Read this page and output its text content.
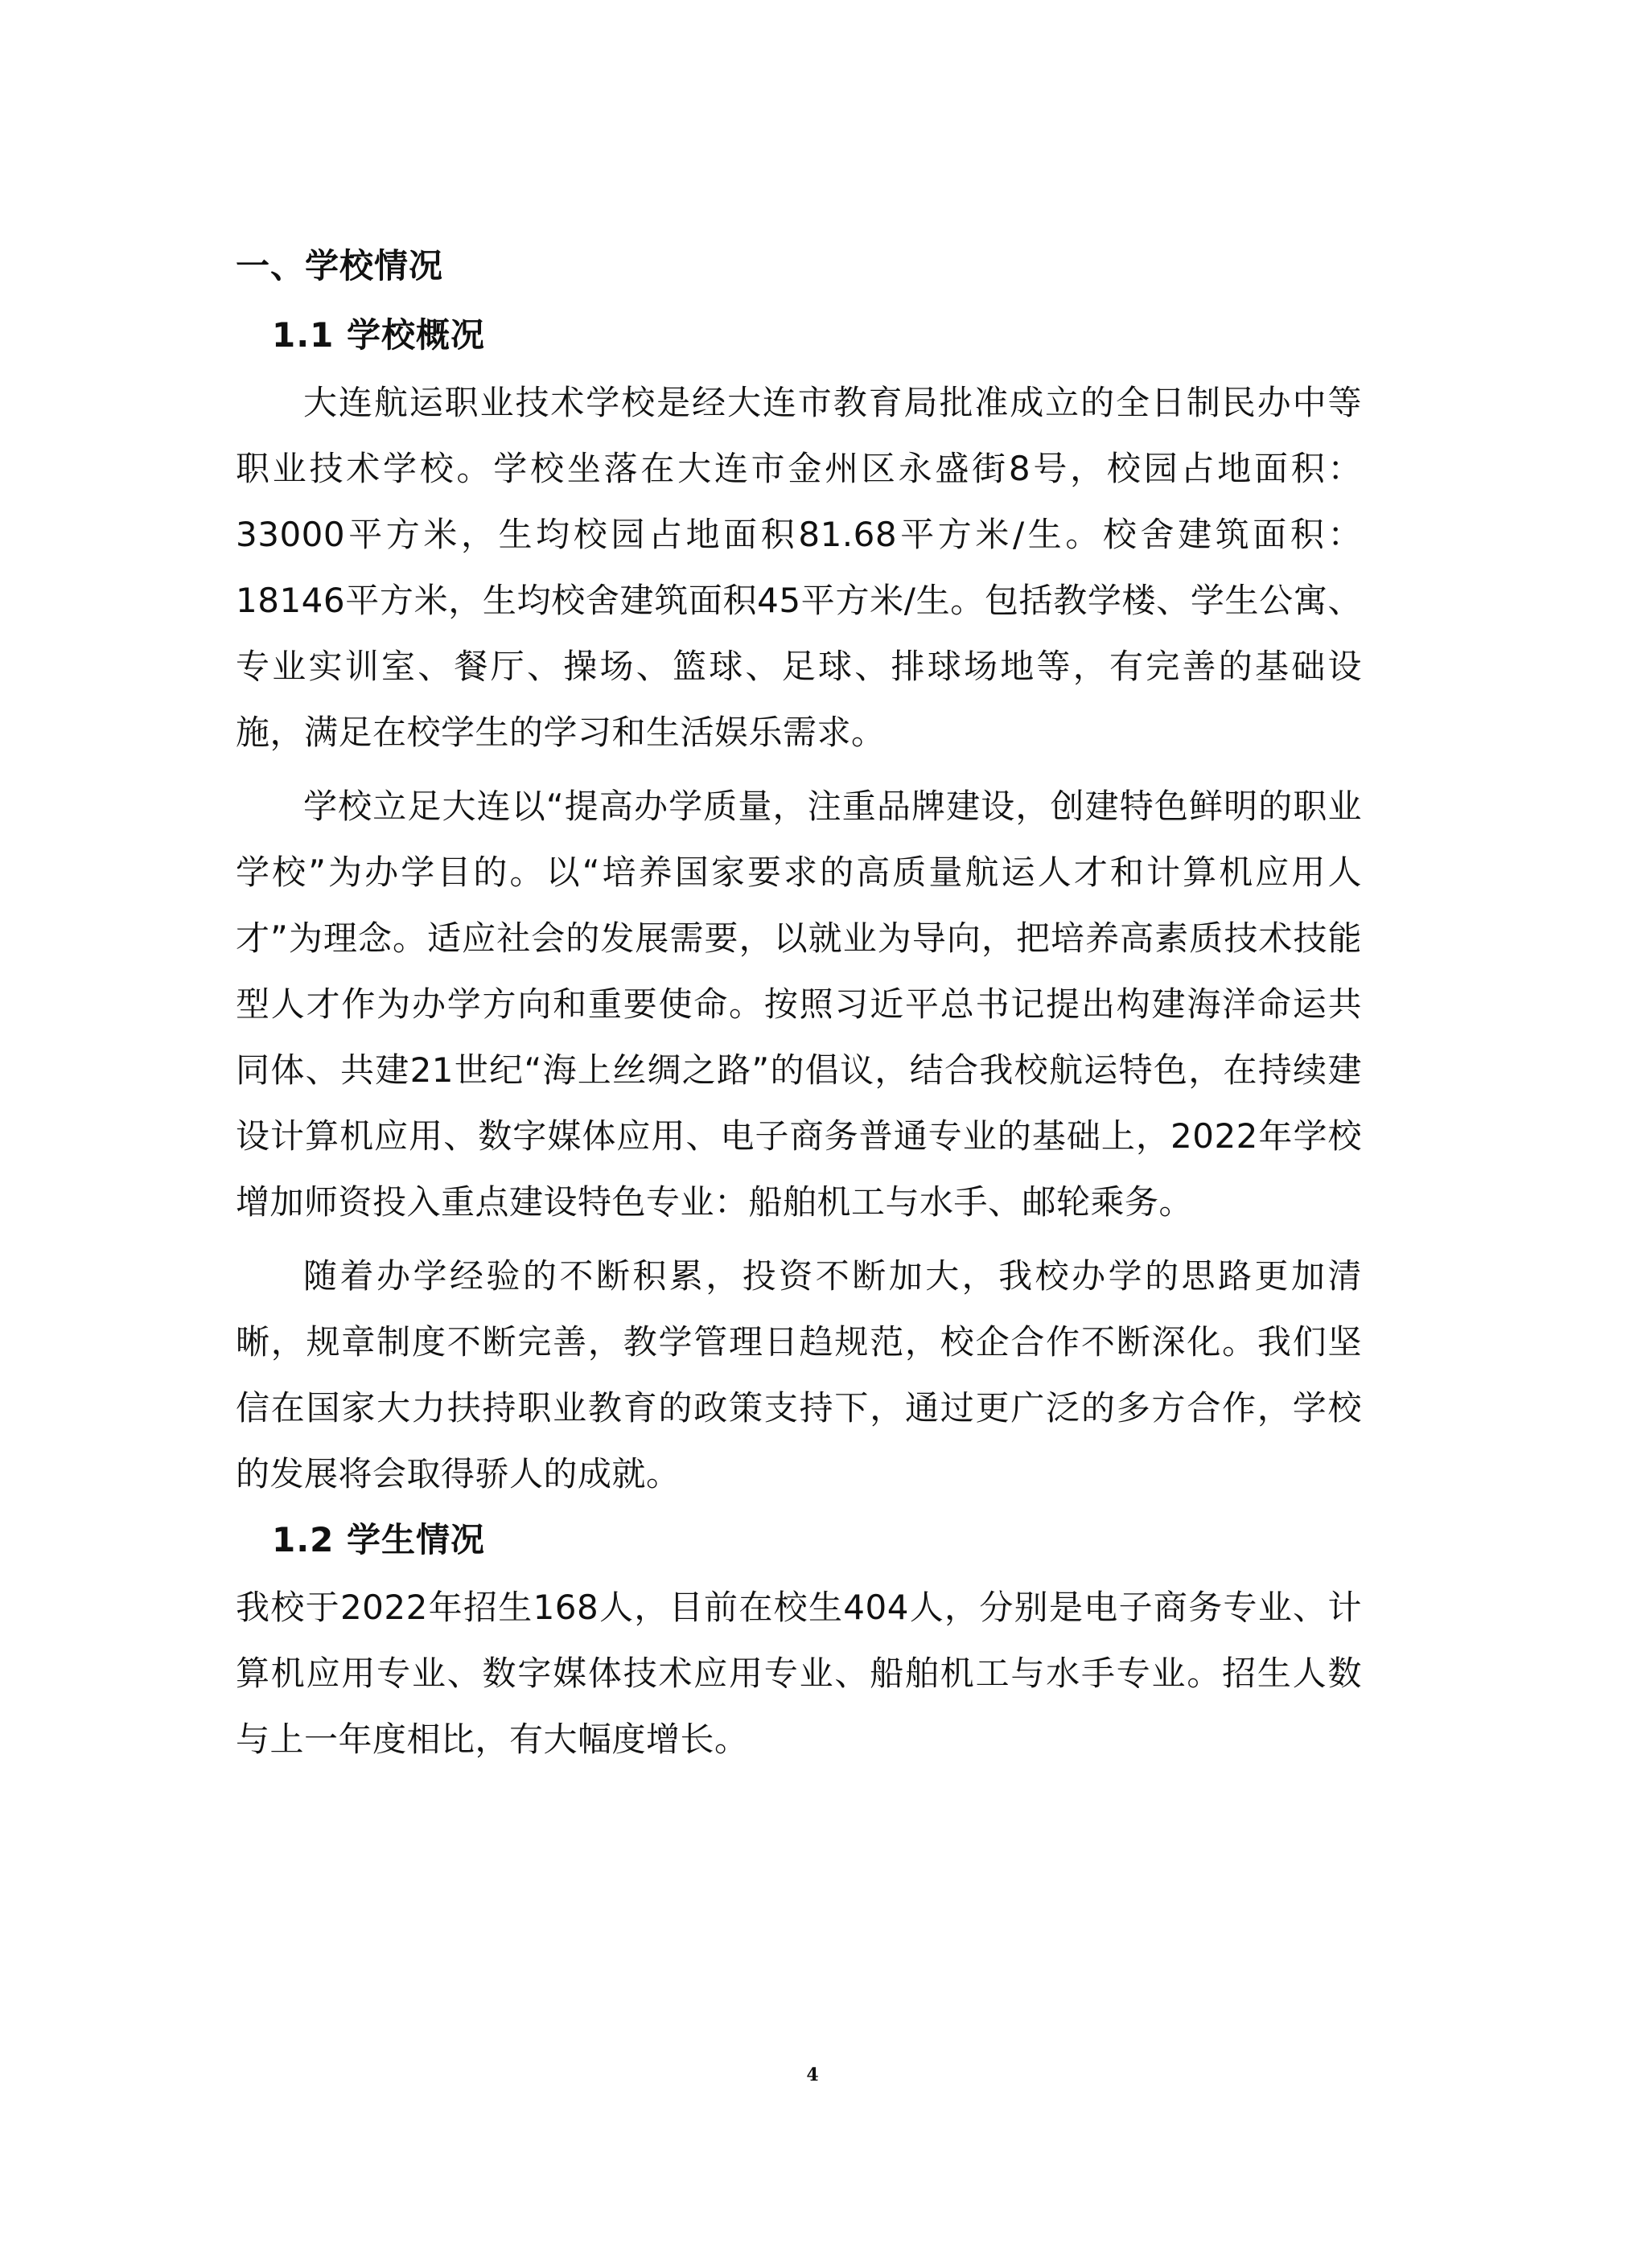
一、学校情况
1.1 学校概况

大连航运职业技术学校是经大连市教育局批准成立的全日制民办中等职业技术学校。学校坐落在大连市金州区永盛街8号，校园占地面积：33000平方米，生均校园占地面积81.68平方米/生。校舍建筑面积：18146平方米，生均校舍建筑面积45平方米/生。包括教学楼、学生公寓、专业实训室、餐厅、操场、篮球、足球、排球场地等，有完善的基础设施，满足在校学生的学习和生活娱乐需求。

学校立足大连以“提高办学质量，注重品牌建设，创建特色鲜明的职业学校”为办学目的。以“培养国家要求的高质量航运人才和计算机应用人才”为理念。适应社会的发展需要，以就业为导向，把培养高素质技术技能型人才作为办学方向和重要使命。按照习近平总书记提出构建海洋命运共同体、共建21世纪“海上丝绸之路”的倡议，结合我校航运特色，在持续建设计算机应用、数字媒体应用、电子商务普通专业的基础上，2022年学校增加师资投入重点建设特色专业：船舶机工与水手、邮轮乘务。

随着办学经验的不断积累，投资不断加大，我校办学的思路更加清晰，规章制度不断完善，教学管理日趋规范，校企合作不断深化。我们坚信在国家大力扶持职业教育的政策支持下，通过更广泛的多方合作，学校的发展将会取得骄人的成就。

1.2 学生情况

我校于2022年招生168人，目前在校生404人，分别是电子商务专业、计算机应用专业、数字媒体技术应用专业、船舶机工与水手专业。招生人数与上一年度相比，有大幅度增长。

4
